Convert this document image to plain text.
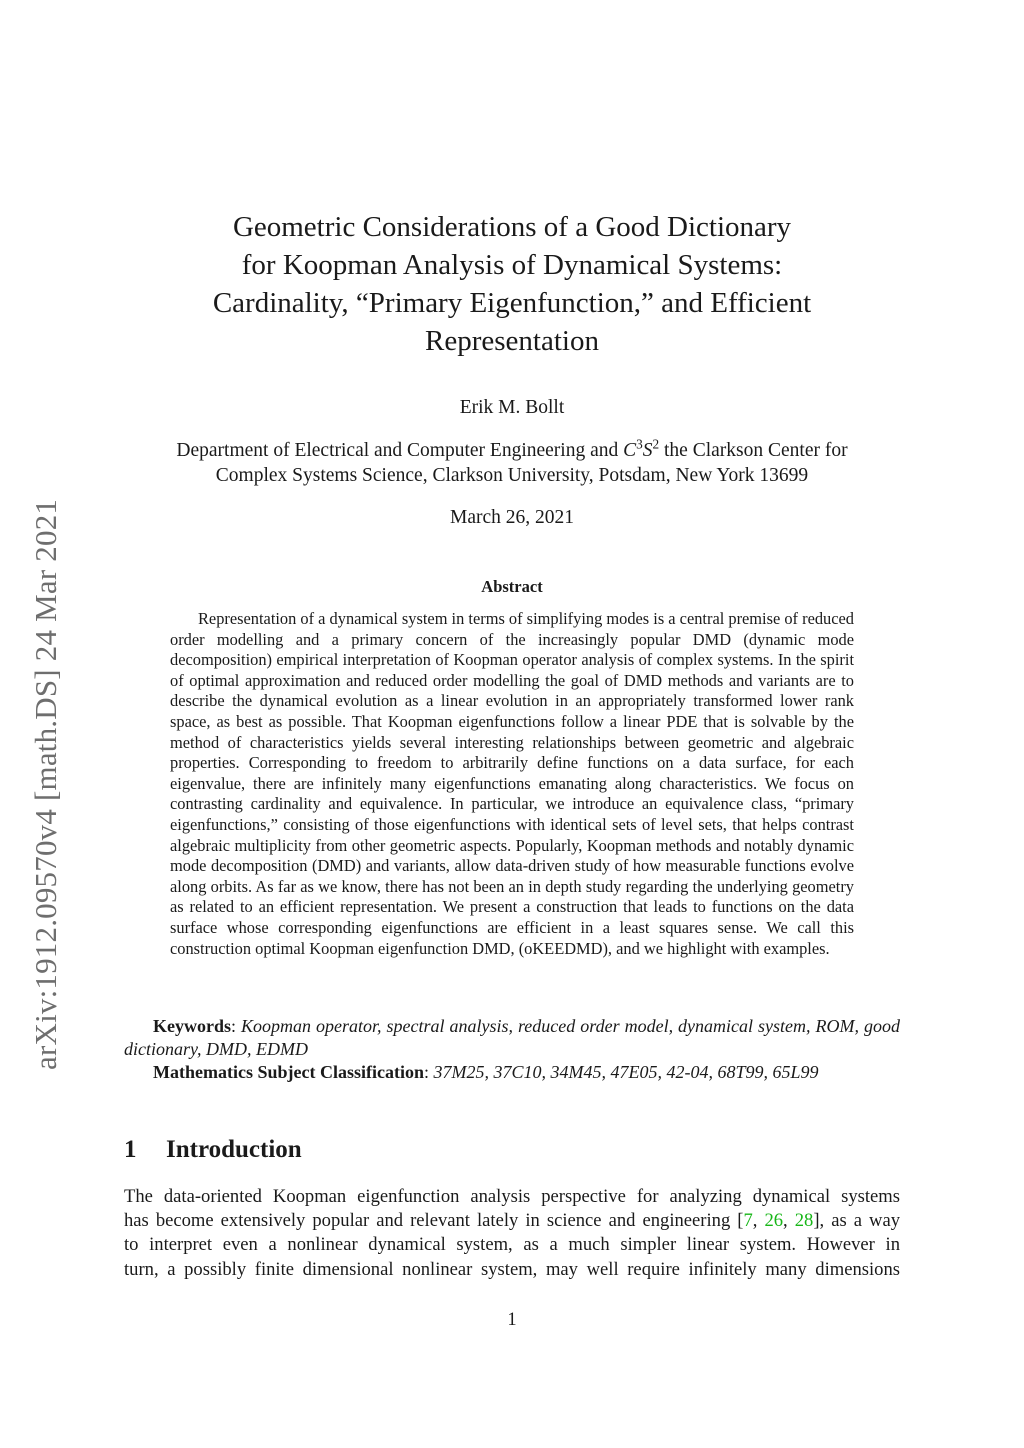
arXiv:1912.09570v4 [math.DS] 24 Mar 2021
Geometric Considerations of a Good Dictionary
for Koopman Analysis of Dynamical Systems:
Cardinality, “Primary Eigenfunction,” and Efficient
Representation
Erik M. Bollt
Department of Electrical and Computer Engineering and $C^3S^2$ the Clarkson Center for
Complex Systems Science, Clarkson University, Potsdam, New York 13699
March 26, 2021
Abstract

Representation of a dynamical system in terms of simplifying modes is a central premise of reduced order modelling and a primary concern of the increasingly popular DMD (dynamic mode decomposition) empirical interpretation of Koopman operator analysis of complex systems. In the spirit of optimal approximation and reduced order modelling the goal of DMD methods and variants are to describe the dynamical evolution as a linear evolution in an appropriately transformed lower rank space, as best as possible. That Koopman eigenfunctions follow a linear PDE that is solvable by the method of characteristics yields several interesting relationships between geometric and algebraic properties. Corresponding to freedom to arbitrarily define functions on a data surface, for each eigenvalue, there are infinitely many eigenfunctions emanating along characteristics. We focus on contrasting cardinality and equivalence. In particular, we introduce an equivalence class, “primary eigenfunctions,” consisting of those eigenfunctions with identical sets of level sets, that helps contrast algebraic multiplicity from other geometric aspects. Popularly, Koopman methods and notably dynamic mode decomposition (DMD) and variants, allow data-driven study of how measurable functions evolve along orbits. As far as we know, there has not been an in depth study regarding the underlying geometry as related to an efficient representation. We present a construction that leads to functions on the data surface whose corresponding eigenfunctions are efficient in a least squares sense. We call this construction optimal Koopman eigenfunction DMD, (oKEEDMD), and we highlight with examples.

Keywords: Koopman operator, spectral analysis, reduced order model, dynamical system, ROM, good dictionary, DMD, EDMD

Mathematics Subject Classification: 37M25, 37C10, 34M45, 47E05, 42-04, 68T99, 65L99

1 Introduction
The data-oriented Koopman eigenfunction analysis perspective for analyzing dynamical systems
has become extensively popular and relevant lately in science and engineering [7, 26, 28], as a way
to interpret even a nonlinear dynamical system, as a much simpler linear system. However in
turn, a possibly finite dimensional nonlinear system, may well require infinitely many dimensions
1
